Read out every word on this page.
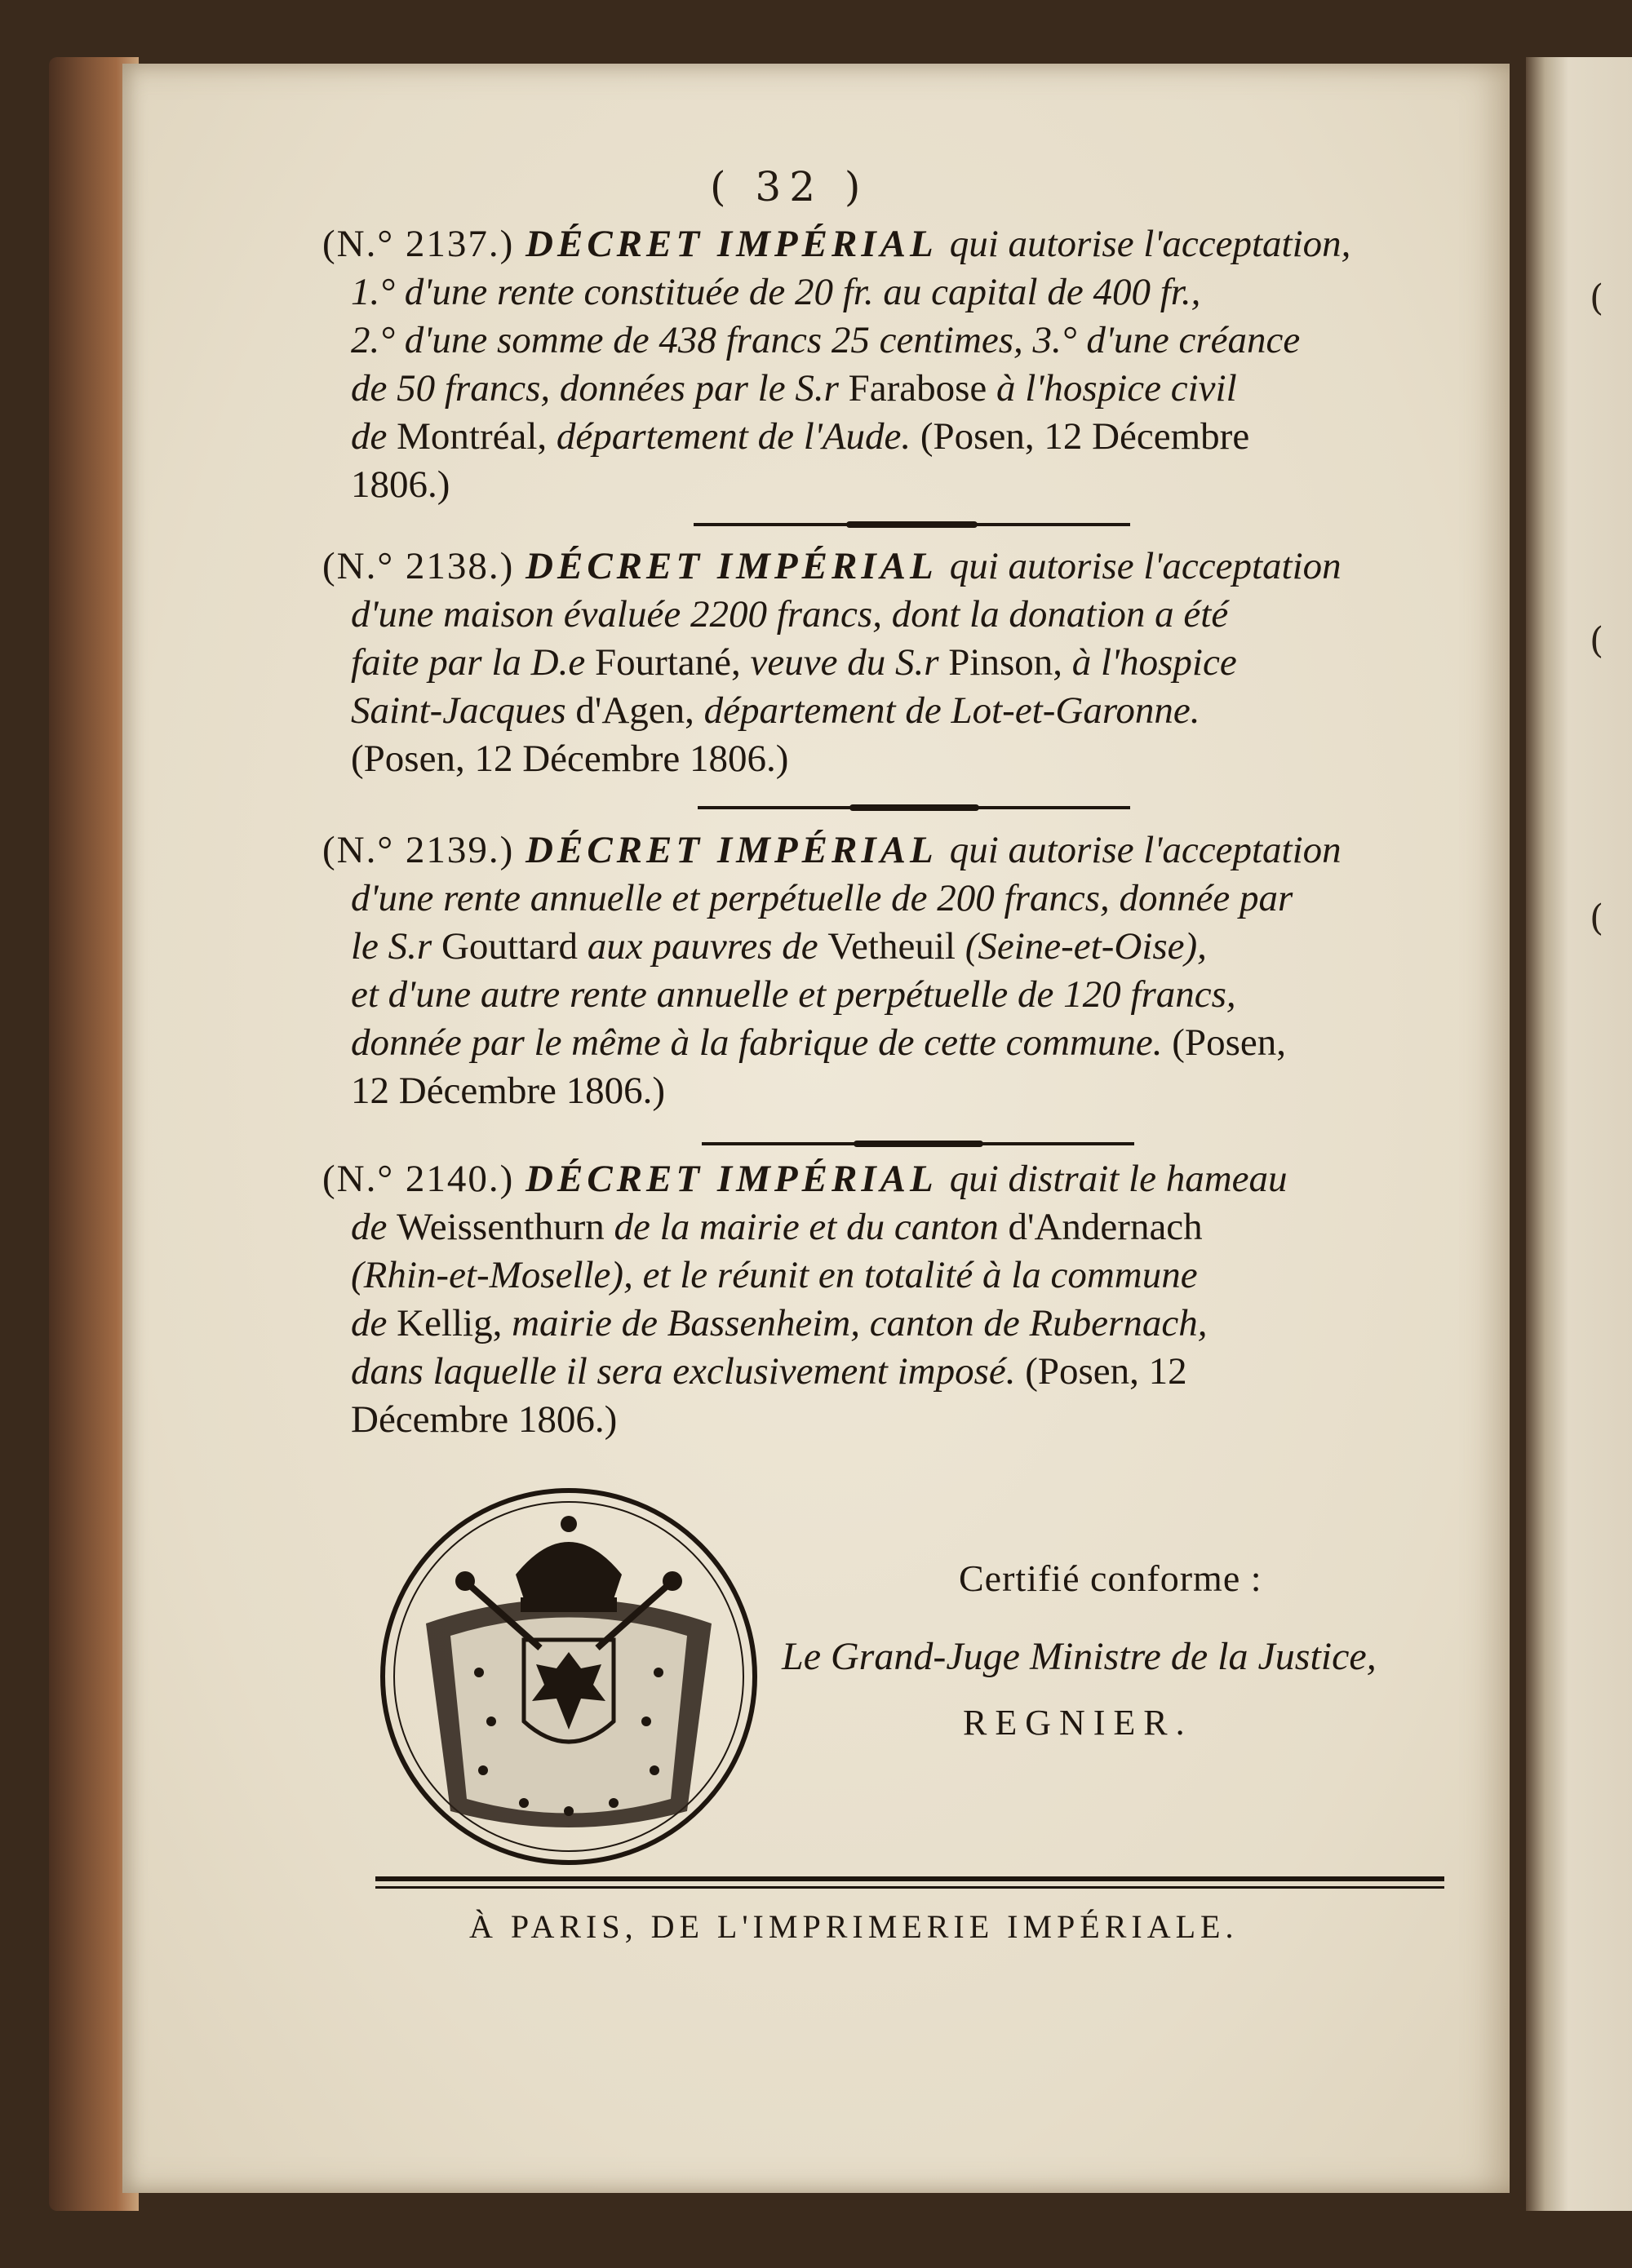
(
(
(
( 32 )
(N.° 2137.) DÉCRET IMPÉRIAL qui autorise l'acceptation,
1.° d'une rente constituée de 20 fr. au capital de 400 fr.,
2.° d'une somme de 438 francs 25 centimes, 3.° d'une créance
de 50 francs, données par le S.r Farabose à l'hospice civil
de Montréal, département de l'Aude. (Posen, 12 Décembre
1806.)
(N.° 2138.) DÉCRET IMPÉRIAL qui autorise l'acceptation
d'une maison évaluée 2200 francs, dont la donation a été
faite par la D.e Fourtané, veuve du S.r Pinson, à l'hospice
Saint-Jacques d'Agen, département de Lot-et-Garonne.
(Posen, 12 Décembre 1806.)
(N.° 2139.) DÉCRET IMPÉRIAL qui autorise l'acceptation
d'une rente annuelle et perpétuelle de 200 francs, donnée par
le S.r Gouttard aux pauvres de Vetheuil (Seine-et-Oise),
et d'une autre rente annuelle et perpétuelle de 120 francs,
donnée par le même à la fabrique de cette commune. (Posen,
12 Décembre 1806.)
(N.° 2140.) DÉCRET IMPÉRIAL qui distrait le hameau
de Weissenthurn de la mairie et du canton d'Andernach
(Rhin-et-Moselle), et le réunit en totalité à la commune
de Kellig, mairie de Bassenheim, canton de Rubernach,
dans laquelle il sera exclusivement imposé. (Posen, 12
Décembre 1806.)
Certifié conforme :
Le Grand-Juge Ministre de la Justice,
REGNIER.
À PARIS, DE L'IMPRIMERIE IMPÉRIALE.
